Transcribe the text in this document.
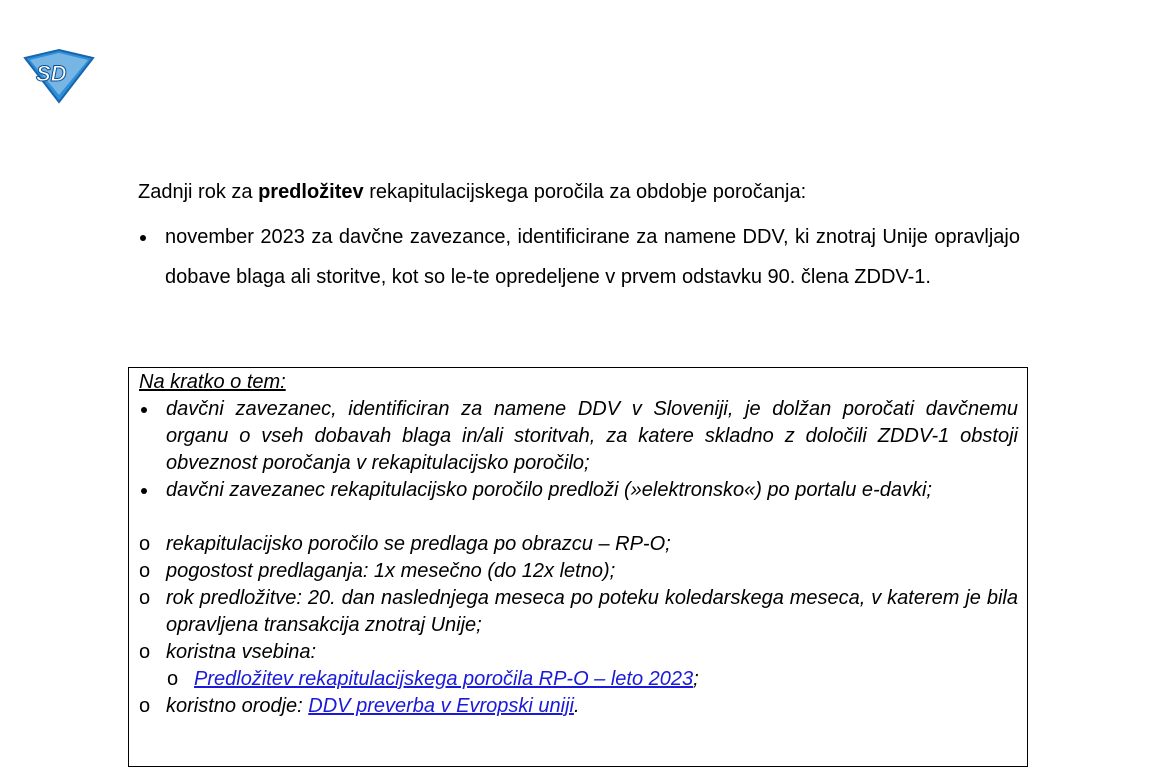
SD

Zadnji rok za predložitev rekapitulacijskega poročila za obdobje poročanja:

november 2023 za davčne zavezance, identificirane za namene DDV, ki znotraj Unije opravljajo dobave blaga ali storitve, kot so le-te opredeljene v prvem odstavku 90. člena ZDDV-1.
Na kratko o tem:
davčni zavezanec, identificiran za namene DDV v Sloveniji, je dolžan poročati davčnemu organu o vseh dobavah blaga in/ali storitvah, za katere skladno z določili ZDDV-1 obstoji obveznost poročanja v rekapitulacijsko poročilo;
davčni zavezanec rekapitulacijsko poročilo predloži (»elektronsko«) po portalu e-davki;
o rekapitulacijsko poročilo se predlaga po obrazcu – RP-O;
o pogostost predlaganja: 1x mesečno (do 12x letno);
o rok predložitve: 20. dan naslednjega meseca po poteku koledarskega meseca, v katerem je bila opravljena transakcija znotraj Unije;
o koristna vsebina:
o Predložitev rekapitulacijskega poročila RP-O – leto 2023;
o koristno orodje: DDV preverba v Evropski uniji.
